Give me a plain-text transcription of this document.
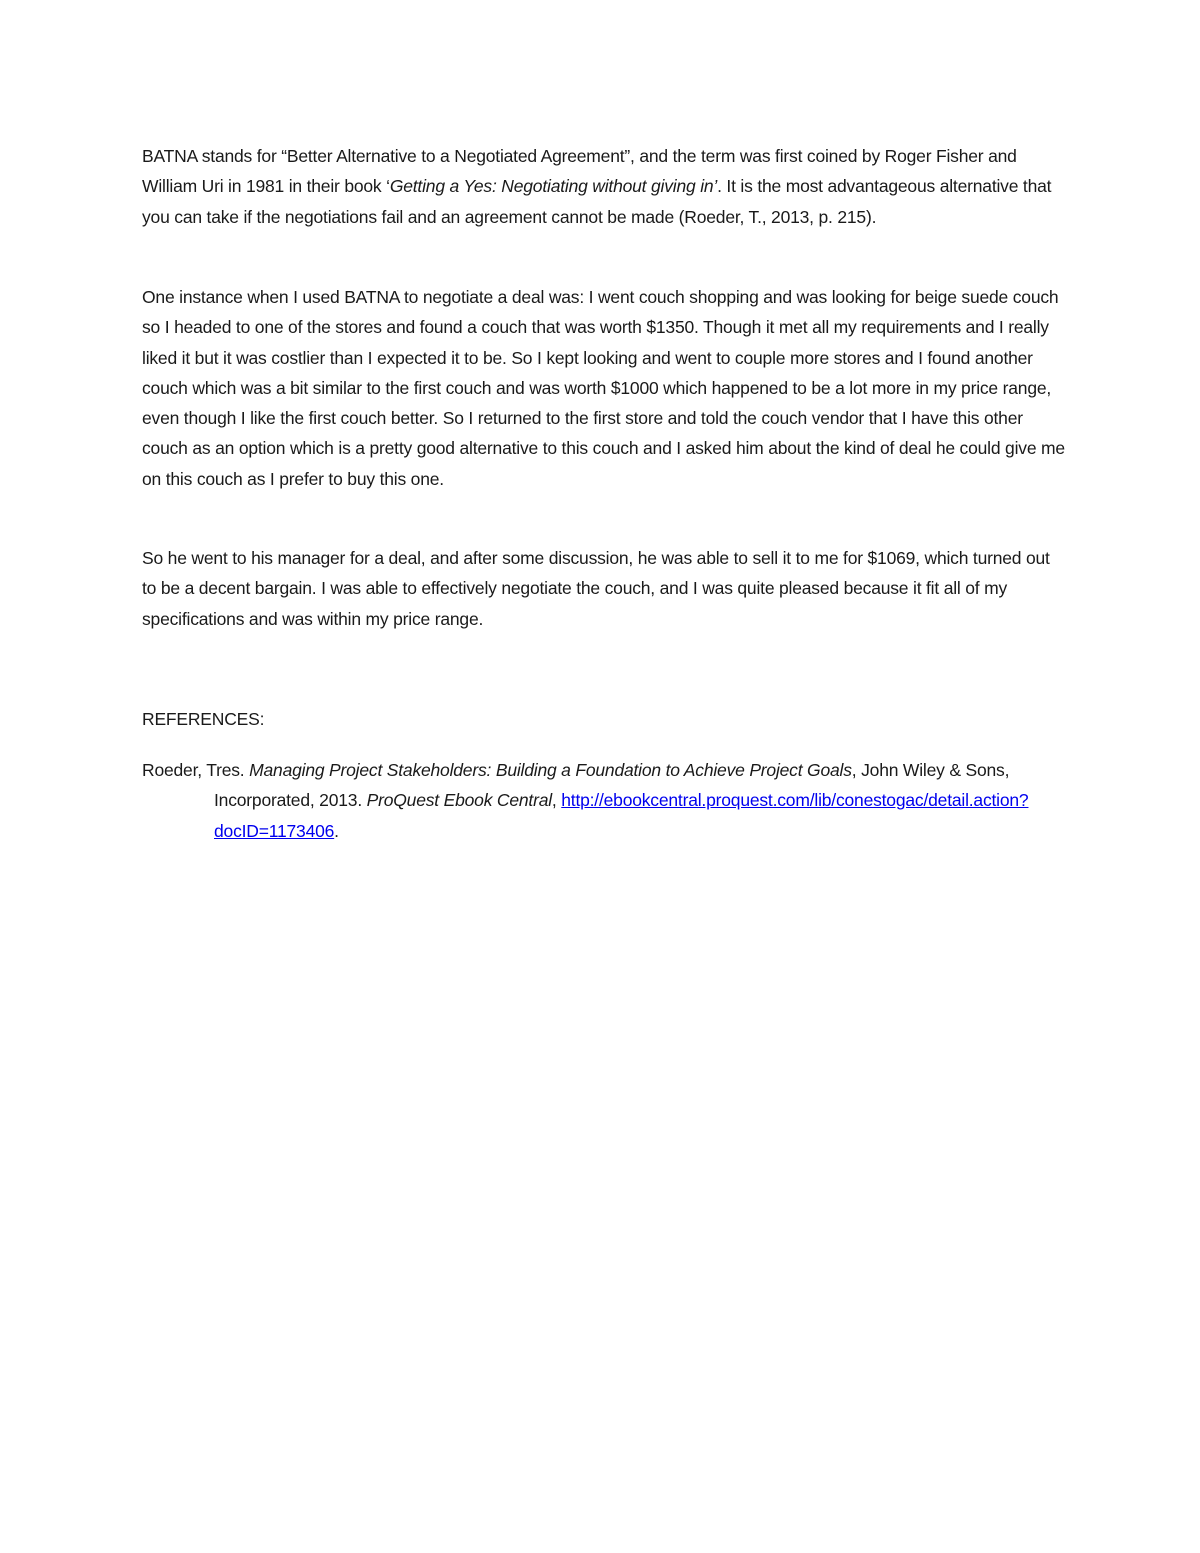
BATNA stands for “Better Alternative to a Negotiated Agreement”, and the term was first coined by Roger Fisher and William Uri in 1981 in their book ‘Getting a Yes: Negotiating without giving in’. It is the most advantageous alternative that you can take if the negotiations fail and an agreement cannot be made (Roeder, T., 2013, p. 215).

One instance when I used BATNA to negotiate a deal was: I went couch shopping and was looking for beige suede couch so I headed to one of the stores and found a couch that was worth $1350. Though it met all my requirements and I really liked it but it was costlier than I expected it to be. So I kept looking and went to couple more stores and I found another couch which was a bit similar to the first couch and was worth $1000 which happened to be a lot more in my price range, even though I like the first couch better. So I returned to the first store and told the couch vendor that I have this other couch as an option which is a pretty good alternative to this couch and I asked him about the kind of deal he could give me on this couch as I prefer to buy this one.

So he went to his manager for a deal, and after some discussion, he was able to sell it to me for $1069, which turned out to be a decent bargain. I was able to effectively negotiate the couch, and I was quite pleased because it fit all of my specifications and was within my price range.

REFERENCES:

Roeder, Tres. Managing Project Stakeholders: Building a Foundation to Achieve Project Goals, John Wiley & Sons, Incorporated, 2013. ProQuest Ebook Central, http://ebookcentral.proquest.com/lib/conestogac/detail.action?docID=1173406.
